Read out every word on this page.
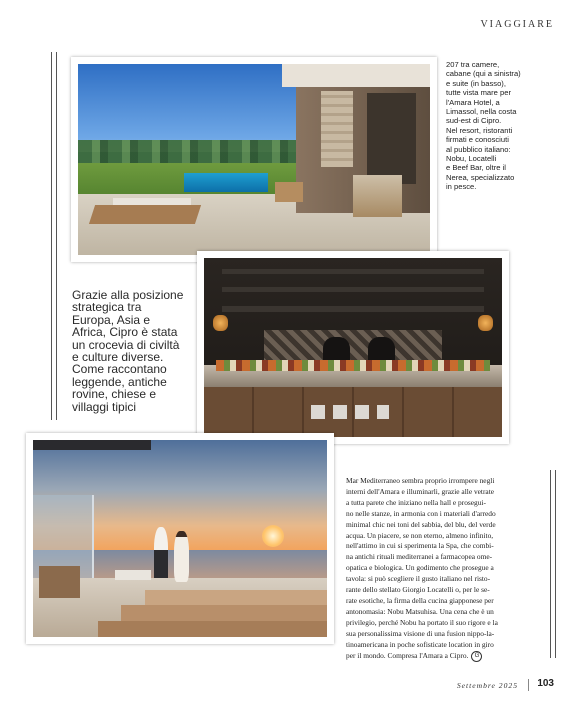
VIAGGIARE
207 tra camere,
cabane (qui a sinistra)
e suite (in basso),
tutte vista mare per
l'Amara Hotel, a
Limassol, nella costa
sud-est di Cipro.
Nel resort, ristoranti
firmati e conosciuti
al pubblico italiano:
Nobu, Locatelli
e Beef Bar, oltre il
Nerea, specializzato
in pesce.
Grazie alla posizione
strategica tra
Europa, Asia e
Africa, Cipro è stata
un crocevia di civiltà
e culture diverse.
Come raccontano
leggende, antiche
rovine, chiese e
villaggi tipici
Mar Mediterraneo sembra proprio irrompere negli
interni dell'Amara e illuminarli, grazie alle vetrate
a tutta parete che iniziano nella hall e prosegui-
no nelle stanze, in armonia con i materiali d'arredo
minimal chic nei toni del sabbia, del blu, del verde
acqua. Un piacere, se non eterno, almeno infinito,
nell'attimo in cui si sperimenta la Spa, che combi-
na antichi rituali mediterranei a farmacopea ome-
opatica e biologica. Un godimento che prosegue a
tavola: si può scegliere il gusto italiano nel risto-
rante dello stellato Giorgio Locatelli o, per le se-
rate esotiche, la firma della cucina giapponese per
antonomasia: Nobu Matsuhisa. Una cena che è un
privilegio, perché Nobu ha portato il suo rigore e la
sua personalissima visione di una fusion nippo-la-
tinoamericana in poche sofisticate location in giro
per il mondo. Compresa l'Amara a Cipro. G
Settembre 2025 103
